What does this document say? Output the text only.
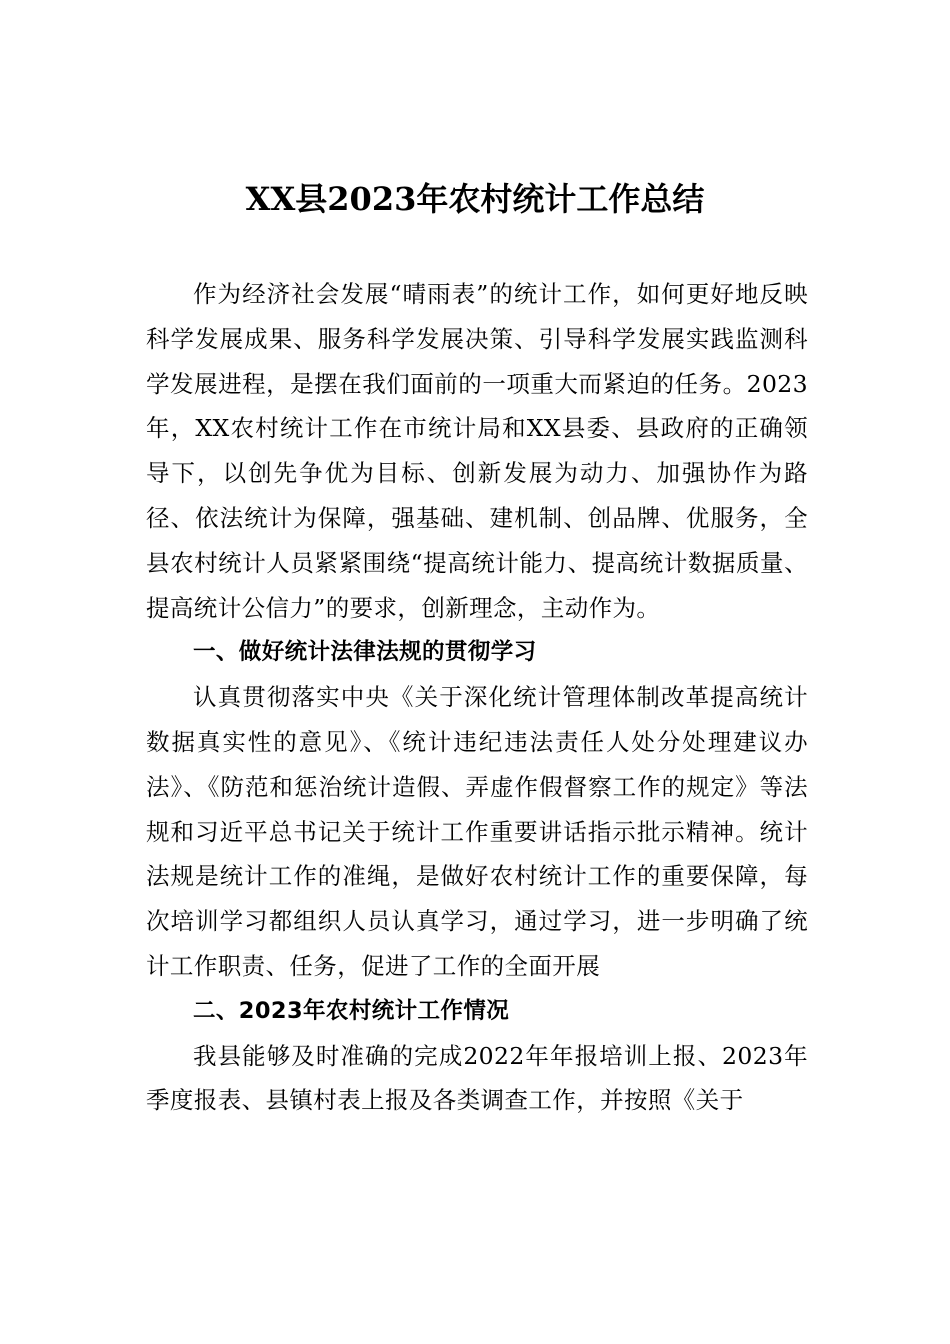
XX县2023年农村统计工作总结

作为经济社会发展“晴雨表”的统计工作，如何更好地反映科学发展成果、服务科学发展决策、引导科学发展实践监测科学发展进程，是摆在我们面前的一项重大而紧迫的任务。2023年，XX农村统计工作在市统计局和XX县委、县政府的正确领导下，以创先争优为目标、创新发展为动力、加强协作为路径、依法统计为保障，强基础、建机制、创品牌、优服务，全县农村统计人员紧紧围绕“提高统计能力、提高统计数据质量、提高统计公信力”的要求，创新理念，主动作为。

一、做好统计法律法规的贯彻学习

认真贯彻落实中央《关于深化统计管理体制改革提高统计数据真实性的意见》、《统计违纪违法责任人处分处理建议办法》、《防范和惩治统计造假、弄虚作假督察工作的规定》等法规和习近平总书记关于统计工作重要讲话指示批示精神。统计法规是统计工作的准绳，是做好农村统计工作的重要保障，每次培训学习都组织人员认真学习，通过学习，进一步明确了统计工作职责、任务，促进了工作的全面开展

二、2023年农村统计工作情况

我县能够及时准确的完成2022年年报培训上报、2023年季度报表、县镇村表上报及各类调查工作，并按照《关于
